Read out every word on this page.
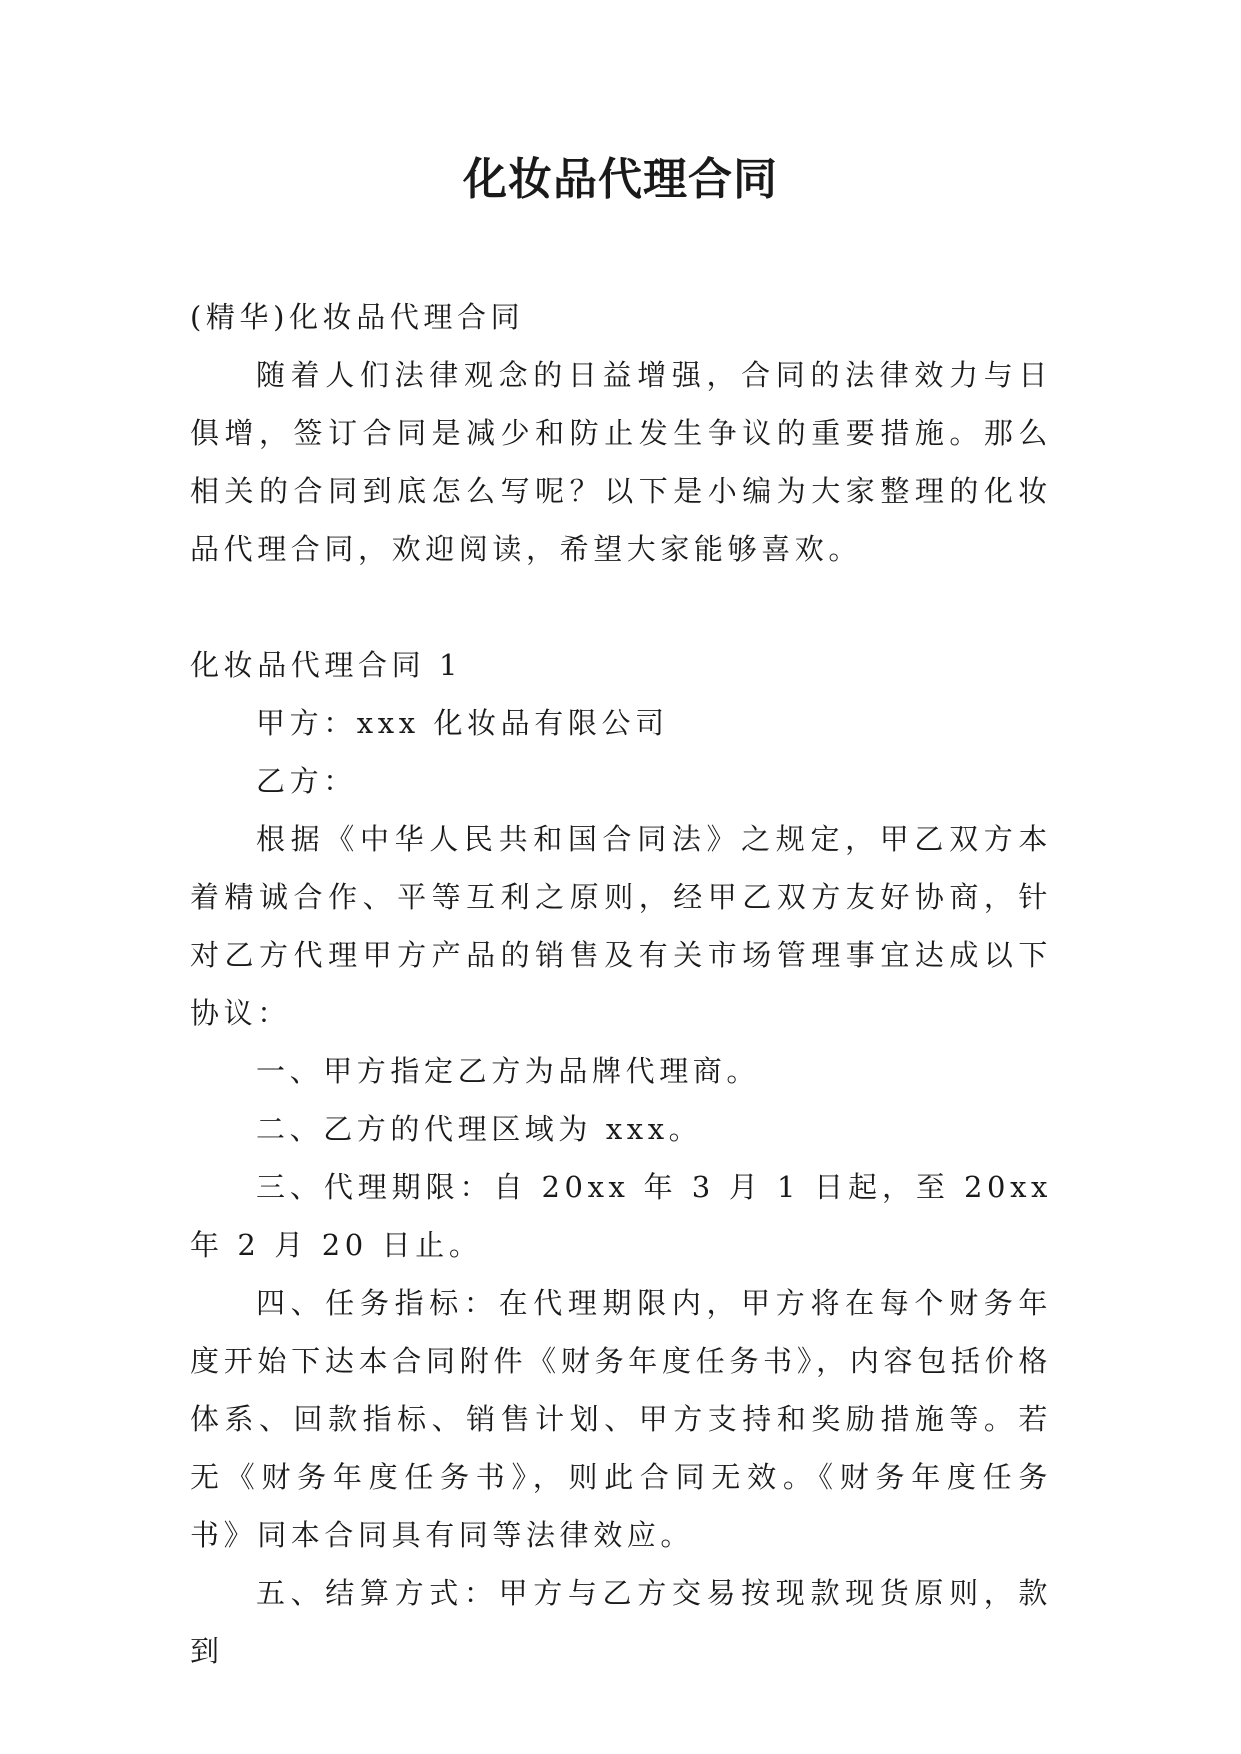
化妆品代理合同

(精华)化妆品代理合同

随着人们法律观念的日益增强，合同的法律效力与日俱增，签订合同是减少和防止发生争议的重要措施。那么相关的合同到底怎么写呢？以下是小编为大家整理的化妆品代理合同，欢迎阅读，希望大家能够喜欢。

化妆品代理合同 1

甲方：xxx 化妆品有限公司

乙方：

根据《中华人民共和国合同法》之规定，甲乙双方本着精诚合作、平等互利之原则，经甲乙双方友好协商，针对乙方代理甲方产品的销售及有关市场管理事宜达成以下协议：

一、甲方指定乙方为品牌代理商。

二、乙方的代理区域为 xxx。

三、代理期限：自 20xx 年 3 月 1 日起，至 20xx 年 2 月 20 日止。

四、任务指标：在代理期限内，甲方将在每个财务年度开始下达本合同附件《财务年度任务书》，内容包括价格体系、回款指标、销售计划、甲方支持和奖励措施等。若无《财务年度任务书》，则此合同无效。《财务年度任务书》同本合同具有同等法律效应。

五、结算方式：甲方与乙方交易按现款现货原则，款到
